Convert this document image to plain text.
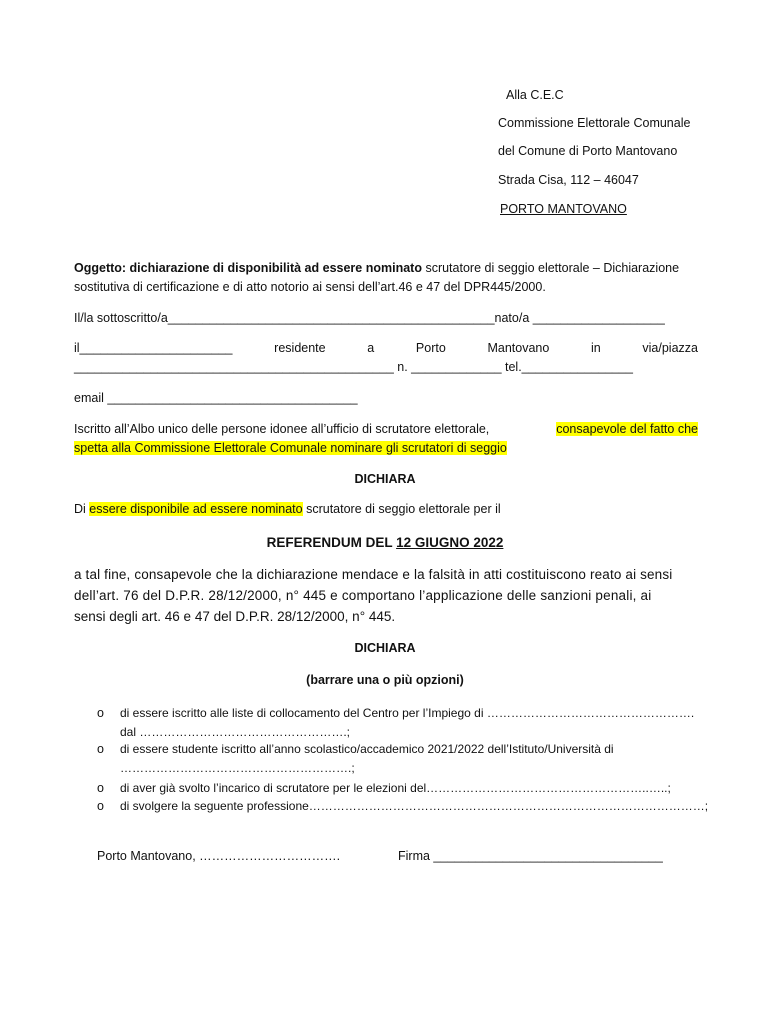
Alla C.E.C
Commissione Elettorale Comunale
del Comune di Porto Mantovano
Strada Cisa, 112 – 46047
PORTO MANTOVANO
Oggetto: dichiarazione di disponibilità ad essere nominato scrutatore di seggio elettorale – Dichiarazione
sostitutiva di certificazione e di atto notorio ai sensi dell’art.46 e 47 del DPR445/2000.
Il/la sottoscritto/a_______________________________________________nato/a ___________________
il______________________	residente	a	Porto	Mantovano	in	via/piazza
______________________________________________ n. _____________ tel.________________
email ____________________________________
Iscritto all’Albo unico delle persone idonee all’ufficio di scrutatore elettorale,	consapevole del fatto che
spetta alla Commissione Elettorale Comunale nominare gli scrutatori di seggio
DICHIARA
Di essere disponibile ad essere nominato scrutatore di seggio elettorale per il
REFERENDUM DEL 12 GIUGNO 2022
a tal fine, consapevole che la dichiarazione mendace e la falsità in atti costituiscono reato ai sensi
dell’art. 76 del D.P.R. 28/12/2000, n° 445 e comportano l’applicazione delle sanzioni penali, ai
sensi degli art. 46 e 47 del D.P.R. 28/12/2000, n° 445.
DICHIARA
(barrare una o più opzioni)
o di essere iscritto alle liste di collocamento del Centro per l’Impiego di …………………………………………….
dal …………………………………………….;
o di essere studente iscritto all’anno scolastico/accademico 2021/2022 dell’Istituto/Università di
………………………………………………….;
o di aver già svolto l’incarico di scrutatore per le elezioni del………………………………………………..…..;
o di svolgere la seguente professione………………………………………………………………………………………;
Porto Mantovano, …………………………….	Firma _________________________________
